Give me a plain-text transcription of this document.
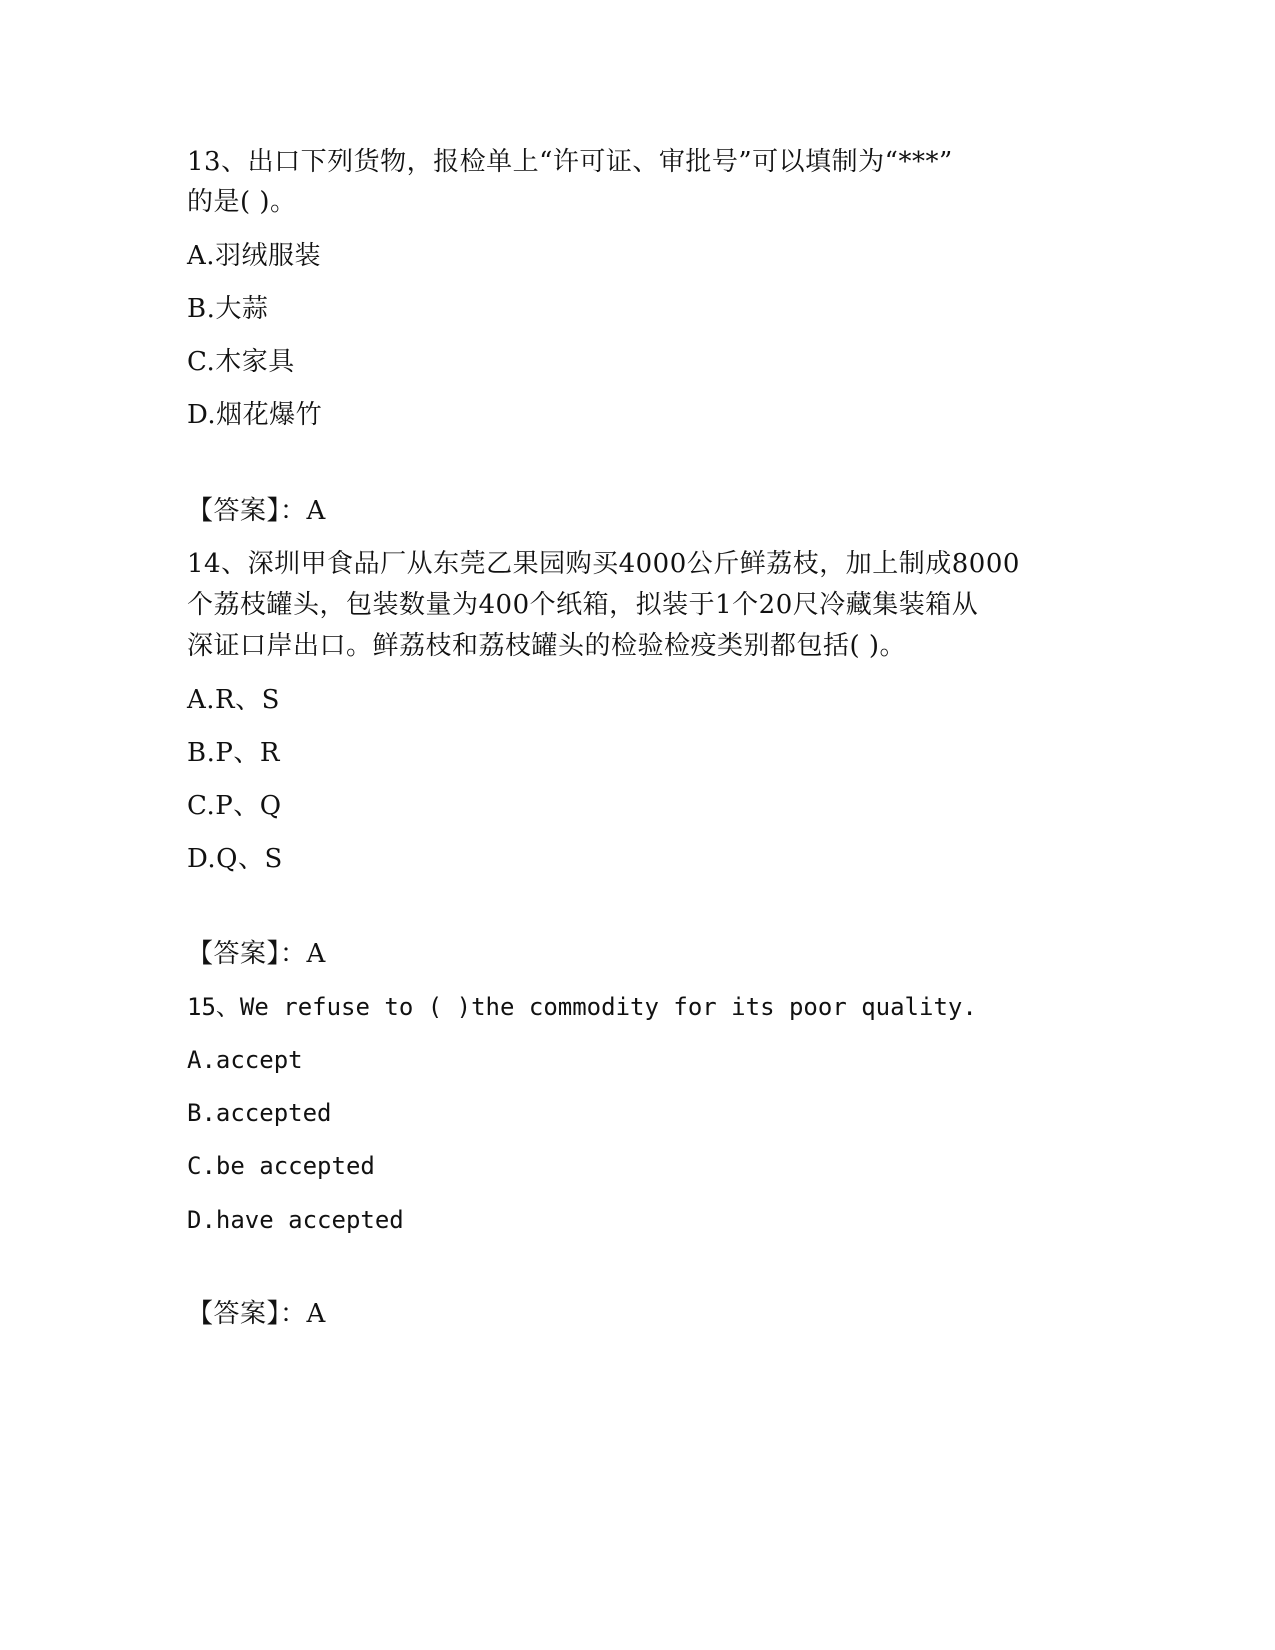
13、出口下列货物，报检单上“许可证、审批号”可以填制为“***”
的是( )。
A.羽绒服装
B.大蒜
C.木家具
D.烟花爆竹
【答案】：A
14、深圳甲食品厂从东莞乙果园购买4000公斤鲜荔枝，加上制成8000
个荔枝罐头，包装数量为400个纸箱，拟装于1个20尺冷藏集装箱从
深证口岸出口。鲜荔枝和荔枝罐头的检验检疫类别都包括( )。
A.R、S
B.P、R
C.P、Q
D.Q、S
【答案】：A
15、We refuse to ( )the commodity for its poor quality.
A.accept
B.accepted
C.be accepted
D.have accepted
【答案】：A
